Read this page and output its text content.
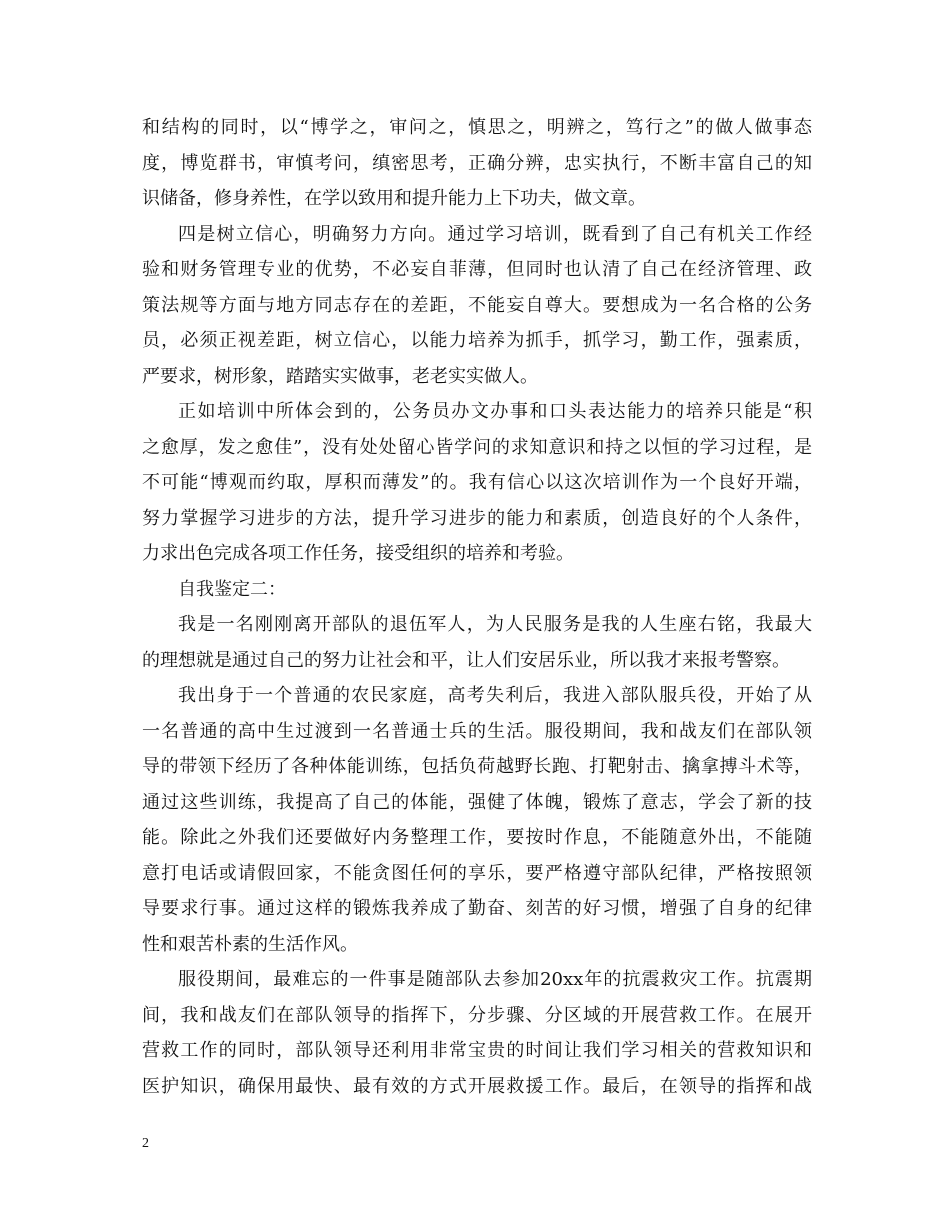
和结构的同时，以“博学之，审问之，慎思之，明辨之，笃行之”的做人做事态
度，博览群书，审慎考问，缜密思考，正确分辨，忠实执行，不断丰富自己的知
识储备，修身养性，在学以致用和提升能力上下功夫，做文章。
四是树立信心，明确努力方向。通过学习培训，既看到了自己有机关工作经
验和财务管理专业的优势，不必妄自菲薄，但同时也认清了自己在经济管理、政
策法规等方面与地方同志存在的差距，不能妄自尊大。要想成为一名合格的公务
员，必须正视差距，树立信心，以能力培养为抓手，抓学习，勤工作，强素质，
严要求，树形象，踏踏实实做事，老老实实做人。
正如培训中所体会到的，公务员办文办事和口头表达能力的培养只能是“积
之愈厚，发之愈佳”，没有处处留心皆学问的求知意识和持之以恒的学习过程，是
不可能“博观而约取，厚积而薄发”的。我有信心以这次培训作为一个良好开端，
努力掌握学习进步的方法，提升学习进步的能力和素质，创造良好的个人条件，
力求出色完成各项工作任务，接受组织的培养和考验。
自我鉴定二：
我是一名刚刚离开部队的退伍军人，为人民服务是我的人生座右铭，我最大
的理想就是通过自己的努力让社会和平，让人们安居乐业，所以我才来报考警察。
我出身于一个普通的农民家庭，高考失利后，我进入部队服兵役，开始了从
一名普通的高中生过渡到一名普通士兵的生活。服役期间，我和战友们在部队领
导的带领下经历了各种体能训练，包括负荷越野长跑、打靶射击、擒拿搏斗术等，
通过这些训练，我提高了自己的体能，强健了体魄，锻炼了意志，学会了新的技
能。除此之外我们还要做好内务整理工作，要按时作息，不能随意外出，不能随
意打电话或请假回家，不能贪图任何的享乐，要严格遵守部队纪律，严格按照领
导要求行事。通过这样的锻炼我养成了勤奋、刻苦的好习惯，增强了自身的纪律
性和艰苦朴素的生活作风。
服役期间，最难忘的一件事是随部队去参加20xx年的抗震救灾工作。抗震期
间，我和战友们在部队领导的指挥下，分步骤、分区域的开展营救工作。在展开
营救工作的同时，部队领导还利用非常宝贵的时间让我们学习相关的营救知识和
医护知识，确保用最快、最有效的方式开展救援工作。最后，在领导的指挥和战
2
